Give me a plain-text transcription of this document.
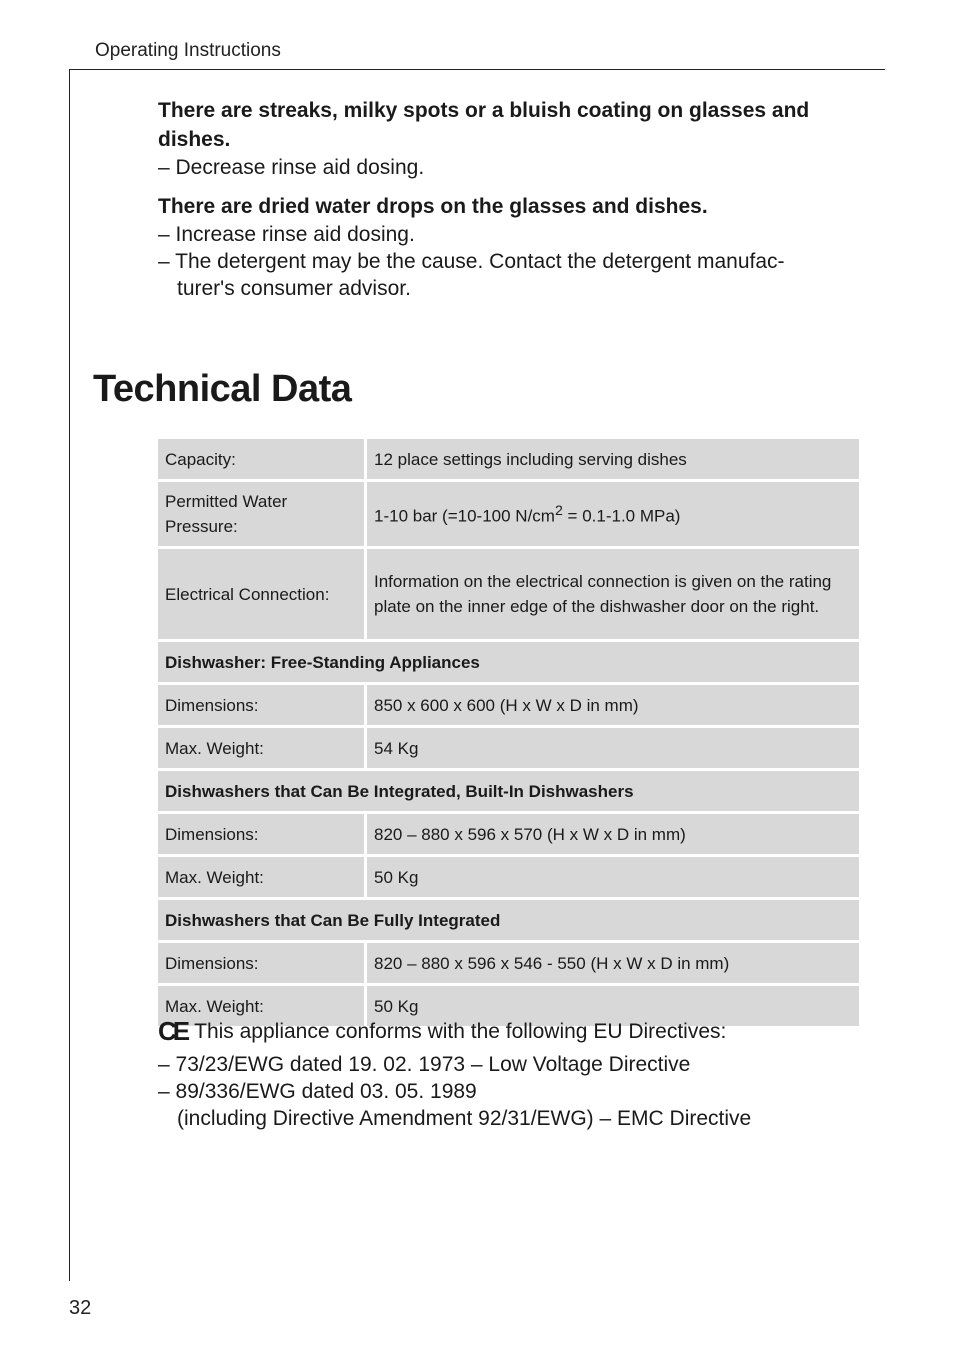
Operating Instructions

There are streaks, milky spots or a bluish coating on glasses and dishes.

– Decrease rinse aid dosing.

There are dried water drops on the glasses and dishes.

– Increase rinse aid dosing.
– The detergent may be the cause. Contact the detergent manufac- turer's consumer advisor.
Technical Data
Capacity:	12 place settings including serving dishes
Permitted Water Pressure:	1-10 bar (=10-100 $N/cm^2 = 0.1-1.0$ MPa)
Electrical Connection:	Information on the electrical connection is given on the rating plate on the inner edge of the dishwasher door on the right.
Dishwasher: Free-Standing Appliances	
Dimensions:	850 x 600 x 600 (H x W x D in mm)
Max. Weight:	54 Kg
Dishwashers that Can Be Integrated, Built-In Dishwashers	
Dimensions:	820 – 880 x 596 x 570 (H x W x D in mm)
Max. Weight:	50 Kg
Dishwashers that Can Be Fully Integrated	
Dimensions:	820 – 880 x 596 x 546 - 550 (H x W x D in mm)
Max. Weight:	50 Kg
CE This appliance conforms with the following EU Directives:
– 73/23/EWG dated 19. 02. 1973 – Low Voltage Directive
– 89/336/EWG dated 03. 05. 1989
(including Directive Amendment 92/31/EWG) – EMC Directive
32
